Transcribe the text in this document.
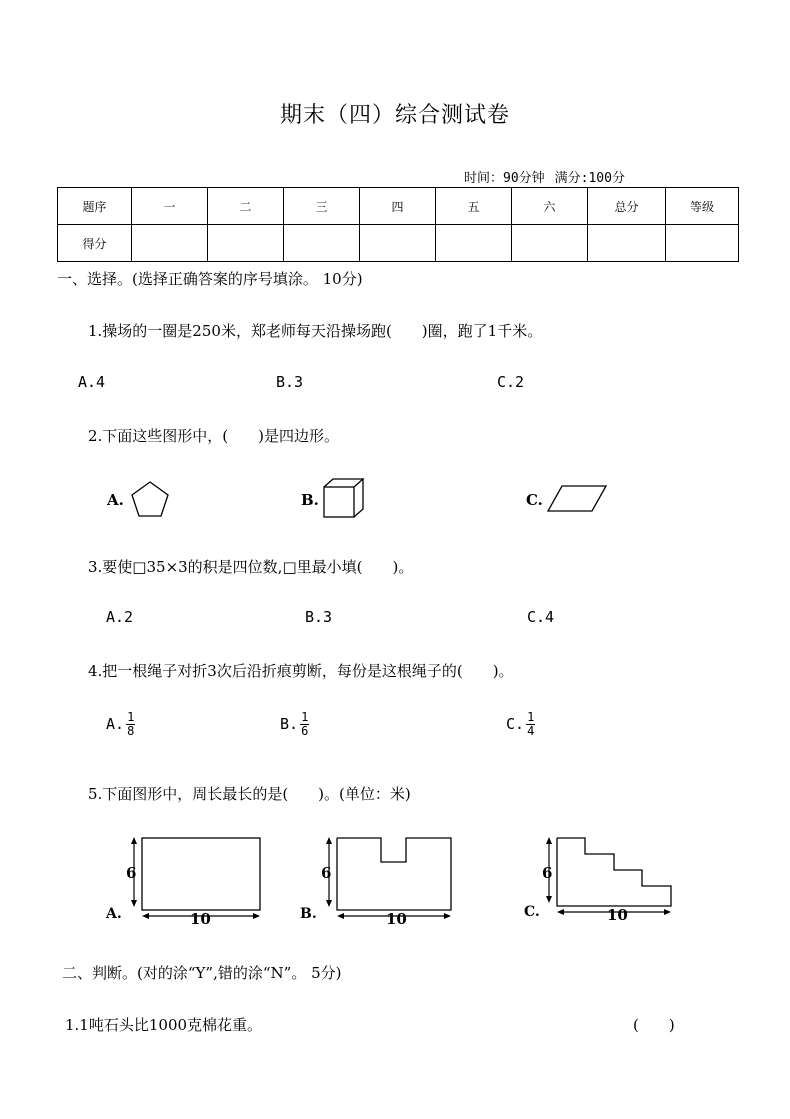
期末（四）综合测试卷
时间：90分钟 满分:100分
题序	一	二	三	四	五	六	总分	等级
得分								
一、选择。(选择正确答案的序号填涂。 10分)
1.操场的一圈是250米，郑老师每天沿操场跑(　　)圈，跑了1千米。
A.4	B.3	C.2
2.下面这些图形中，(　　)是四边形。
A.	B.	C.
3.要使□35×3的积是四位数,□里最小填(　　)。
A.2	B.3	C.4
4.把一根绳子对折3次后沿折痕剪断，每份是这根绳子的(　　)。
A. $\frac{1}{8}$	B. $\frac{1}{6}$	C. $\frac{1}{4}$
5.下面图形中，周长最长的是(　　)。(单位：米)
A.
6
10	B.
6
10	C.
6
10
二、判断。(对的涂“Y”,错的涂“N”。 5分)
1.1吨石头比1000克棉花重。	(　　)
